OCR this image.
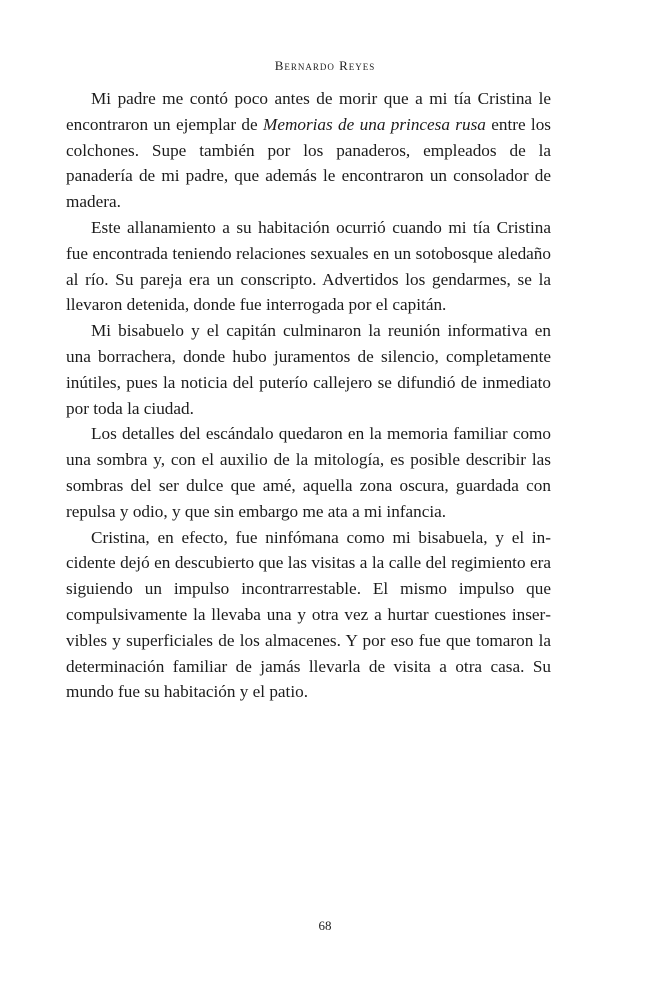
Bernardo Reyes

Mi padre me contó poco antes de morir que a mi tía Cristina le encontraron un ejemplar de Memorias de una princesa rusa entre los colchones. Supe también por los panaderos, empleados de la panadería de mi padre, que además le encontraron un consolador de madera.

Este allanamiento a su habitación ocurrió cuando mi tía Cristina fue encontrada teniendo relaciones sexuales en un sotobosque aledaño al río. Su pareja era un conscripto. Advertidos los gendarmes, se la llevaron detenida, donde fue interrogada por el capitán.

Mi bisabuelo y el capitán culminaron la reunión informativa en una borrachera, donde hubo juramentos de silencio, completamente inútiles, pues la noticia del puterío callejero se difundió de inmediato por toda la ciudad.

Los detalles del escándalo quedaron en la memoria familiar como una sombra y, con el auxilio de la mitología, es posible describir las sombras del ser dulce que amé, aquella zona oscura, guardada con repulsa y odio, y que sin embargo me ata a mi infancia.

Cristina, en efecto, fue ninfómana como mi bisabuela, y el incidente dejó en descubierto que las visitas a la calle del regimiento era siguiendo un impulso incontrarrestable. El mismo impulso que compulsivamente la llevaba una y otra vez a hurtar cuestiones inservibles y superficiales de los almacenes. Y por eso fue que tomaron la determinación familiar de jamás llevarla de visita a otra casa. Su mundo fue su habitación y el patio.

68
